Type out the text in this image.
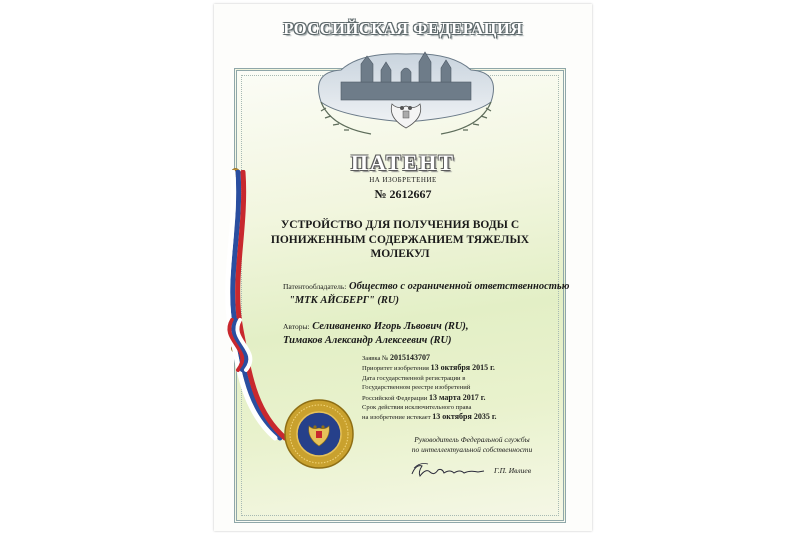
РОССИЙСКАЯ ФЕДЕРАЦИЯ
ПАТЕНТ
НА ИЗОБРЕТЕНИЕ
№ 2612667
УСТРОЙСТВО ДЛЯ ПОЛУЧЕНИЯ ВОДЫ С
ПОНИЖЕННЫМ СОДЕРЖАНИЕМ ТЯЖЕЛЫХ
МОЛЕКУЛ
Патентообладатель: Общество с ограниченной ответственностью
"МТК АЙСБЕРГ" (RU)
Авторы: Селиваненко Игорь Львович (RU),
Тимаков Александр Алексеевич (RU)
Заявка № 2015143707
Приоритет изобретения 13 октября 2015 г.
Дата государственной регистрации в
Государственном реестре изобретений
Российской Федерации 13 марта 2017 г.
Срок действия исключительного права
на изобретение истекает 13 октября 2035 г.
Руководитель Федеральной службы
по интеллектуальной собственности
Г.П. Ивлиев
